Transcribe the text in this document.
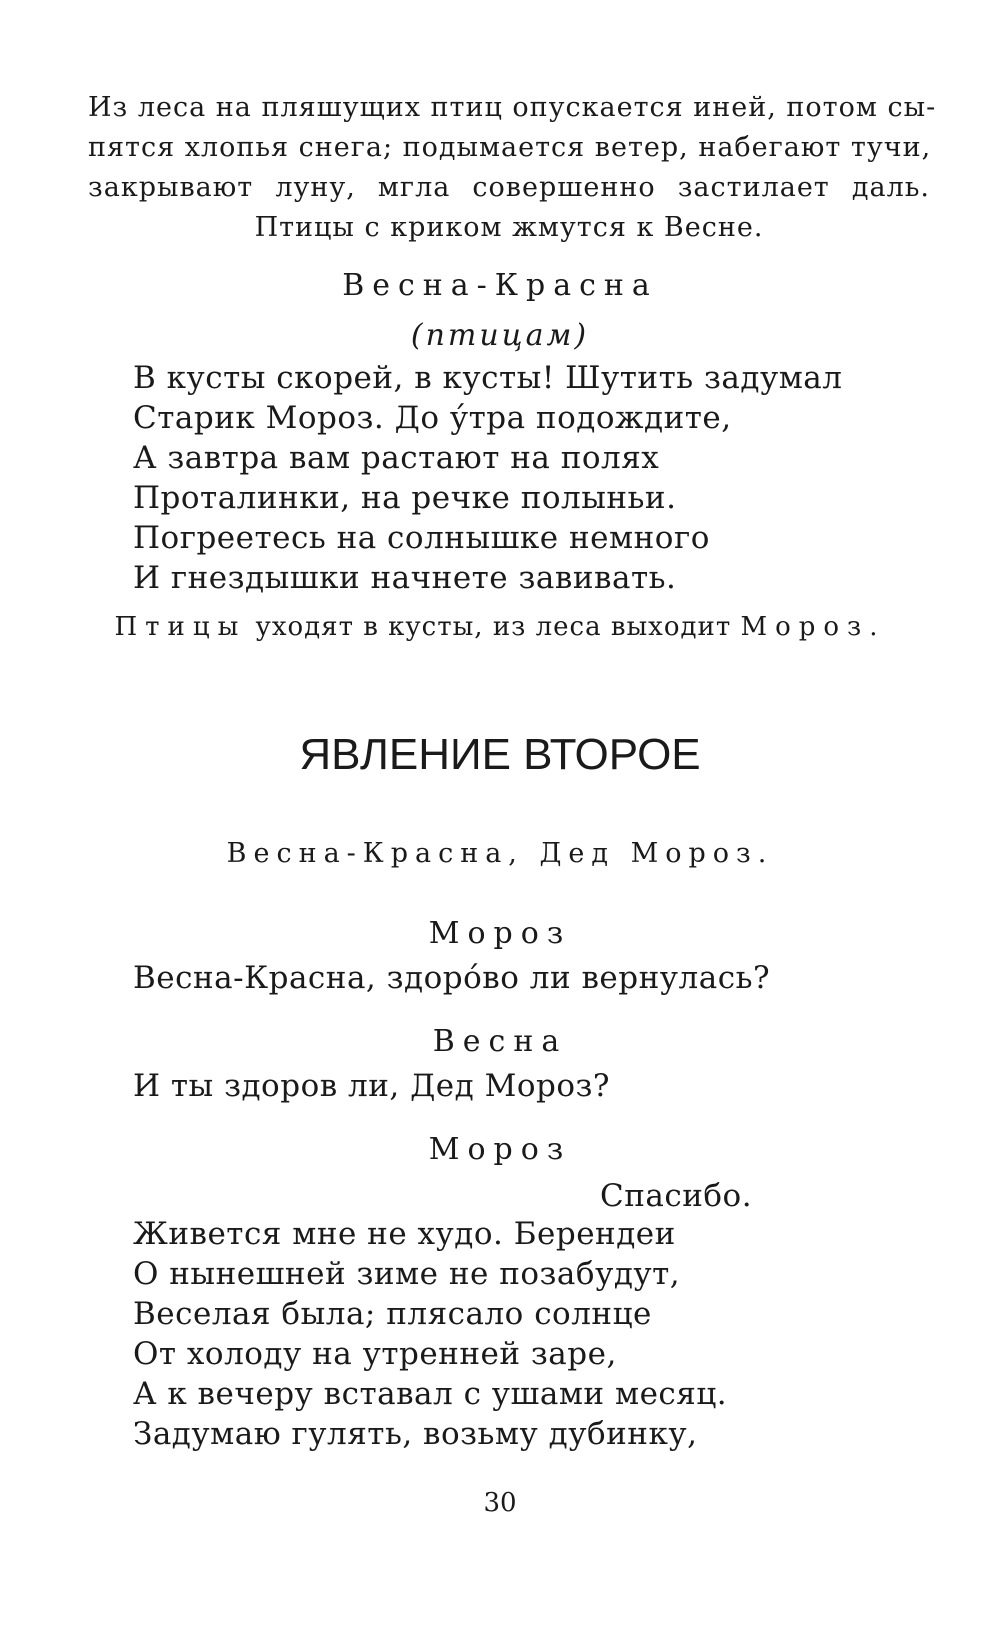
Из леса на пляшущих птиц опускается иней, потом сы-
пятся хлопья снега; подымается ветер, набегают тучи,
закрывают луну, мгла совершенно застилает даль.
Птицы с криком жмутся к Весне.
Весна-Красна
(птицам)
В кусты скорей, в кусты! Шутить задумал
Старик Мороз. До у́тра подождите,
А завтра вам растают на полях
Проталинки, на речке полыньи.
Погреетесь на солнышке немного
И гнездышки начнете завивать.
Птицы уходят в кусты, из леса выходит Мороз.
ЯВЛЕНИЕ ВТОРОЕ
Весна-Красна, Дед Мороз.
Мороз
Весна-Красна, здоро́во ли вернулась?
Весна
И ты здоров ли, Дед Мороз?
Мороз
Спасибо.
Живется мне не худо. Берендеи
О нынешней зиме не позабудут,
Веселая была; плясало солнце
От холоду на утренней заре,
А к вечеру вставал с ушами месяц.
Задумаю гулять, возьму дубинку,
30
